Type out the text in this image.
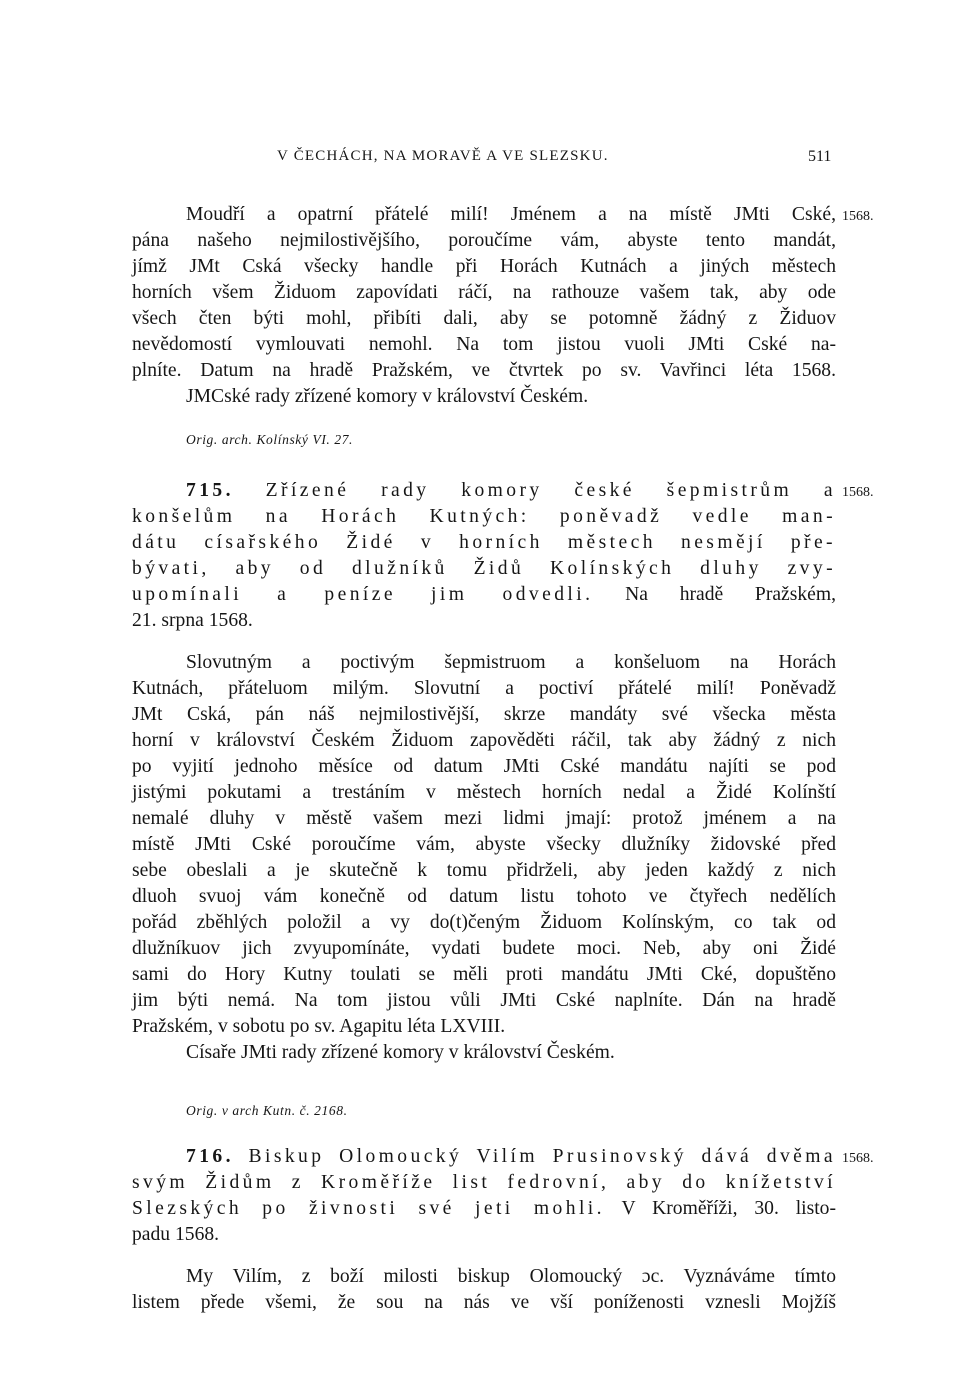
V ČECHÁCH, NA MORAVĚ A VE SLEZSKU.	511
Moudří a opatrní přátelé milí! Jménem a na místě JMti Cské,
pána našeho nejmilostivějšího, poroučíme vám, abyste tento mandát,
jímž JMt Cská všecky handle při Horách Kutnách a jiných městech
horních všem Židuom zapovídati ráčí, na rathouze vašem tak, aby ode
všech čten býti mohl, přibíti dali, aby se potomně žádný z Židuov
nevědomostí vymlouvati nemohl. Na tom jistou vuoli JMti Cské na-
plníte. Datum na hradě Pražském, ve čtvrtek po sv. Vavřinci léta 1568.
JMCské rady zřízené komory v království Českém.
1568.
Orig. arch. Kolínský VI. 27.
715. Zřízené rady komory české šepmistrům a
konšelům na Horách Kutných: poněvadž vedle man-
dátu císařského Židé v horních městech nesmějí pře-
bývati, aby od dlužníků Židů Kolínských dluhy zvy-
upomínali a peníze jim odvedli. Na hradě Pražském,
21. srpna 1568.
1568.
Slovutným a poctivým šepmistruom a konšeluom na Horách
Kutnách, přáteluom milým. Slovutní a poctiví přátelé milí! Poněvadž
JMt Cská, pán náš nejmilostivější, skrze mandáty své všecka města
horní v království Českém Židuom zapověděti ráčil, tak aby žádný z nich
po vyjití jednoho měsíce od datum JMti Cské mandátu najíti se pod
jistými pokutami a trestáním v městech horních nedal a Židé Kolínští
nemalé dluhy v městě vašem mezi lidmi jmají: protož jménem a na
místě JMti Cské poroučíme vám, abyste všecky dlužníky židovské před
sebe obeslali a je skutečně k tomu přidrželi, aby jeden každý z nich
dluoh svuoj vám konečně od datum listu tohoto ve čtyřech nedělích
pořád zběhlých položil a vy do(t)čeným Židuom Kolínským, co tak od
dlužníkuov jich zvyupomínáte, vydati budete moci. Neb, aby oni Židé
sami do Hory Kutny toulati se měli proti mandátu JMti Cké, dopuštěno
jim býti nemá. Na tom jistou vůli JMti Cské naplníte. Dán na hradě
Pražském, v sobotu po sv. Agapitu léta LXVIII.
Císaře JMti rady zřízené komory v království Českém.
Orig. v arch Kutn. č. 2168.
716. Biskup Olomoucký Vilím Prusinovský dává dvěma
svým Židům z Kroměříže list fedrovní, aby do knížetství
Slezských po živnosti své jeti mohli. V Kroměříži, 30. listo-
padu 1568.
1568.
My Vilím, z boží milosti biskup Olomoucký ɔc. Vyznáváme tímto
listem přede všemi, že sou na nás ve vší poníženosti vznesli Mojžíš
